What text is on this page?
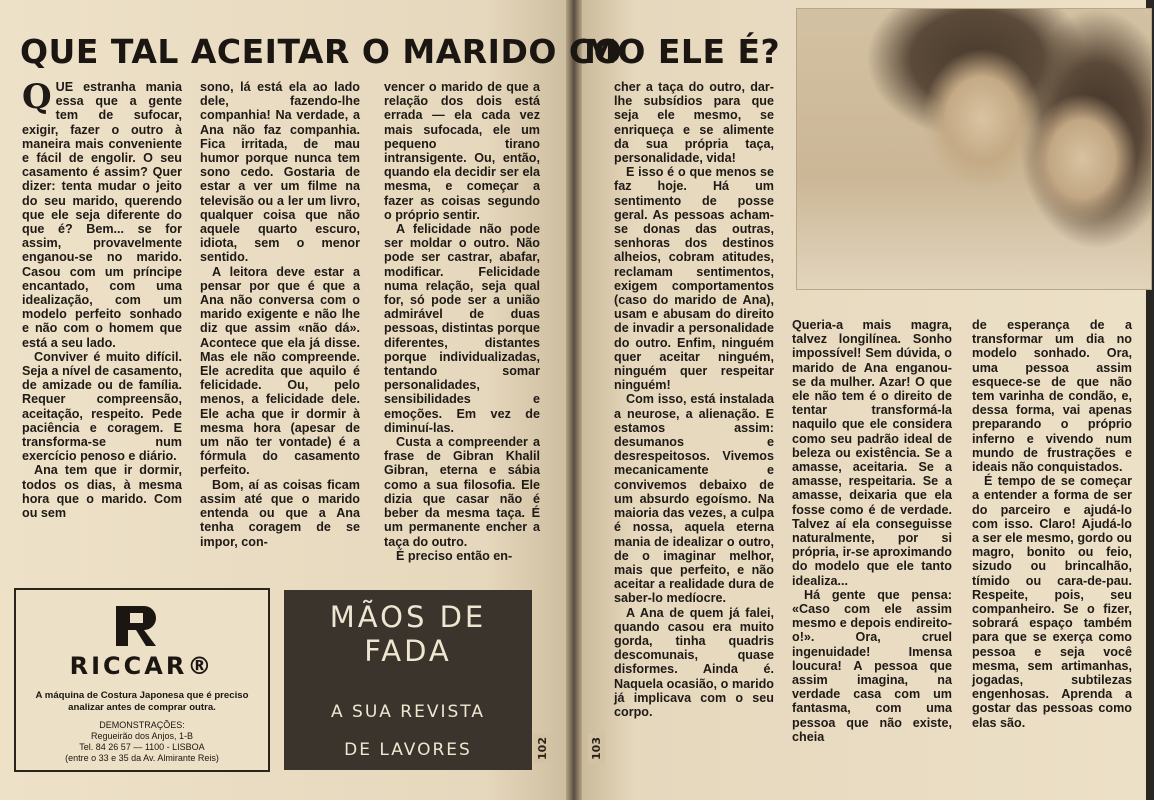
QUE TAL ACEITAR O MARIDO CO
MO ELE É?
Q UE estranha mania essa que a gente tem de sufocar, exigir, fazer o outro à maneira mais conveniente e fácil de engolir. O seu casamento é assim? Quer dizer: tenta mudar o jeito do seu marido, querendo que ele seja diferente do que é? Bem... se for assim, provavelmente enganou-se no marido. Casou com um príncipe encantado, com uma idealização, com um modelo perfeito sonhado e não com o homem que está a seu lado.

Conviver é muito difícil. Seja a nível de casamento, de amizade ou de família. Requer compreensão, aceitação, respeito. Pede paciência e coragem. E transforma-se num exercício penoso e diário.

Ana tem que ir dormir, todos os dias, à mesma hora que o marido. Com ou sem

sono, lá está ela ao lado dele, fazendo-lhe companhia! Na verdade, a Ana não faz companhia. Fica irritada, de mau humor porque nunca tem sono cedo. Gostaria de estar a ver um filme na televisão ou a ler um livro, qualquer coisa que não aquele quarto escuro, idiota, sem o menor sentido.

A leitora deve estar a pensar por que é que a Ana não conversa com o marido exigente e não lhe diz que assim «não dá». Acontece que ela já disse. Mas ele não compreende. Ele acredita que aquilo é felicidade. Ou, pelo menos, a felicidade dele. Ele acha que ir dormir à mesma hora (apesar de um não ter vontade) é a fórmula do casamento perfeito.

Bom, aí as coisas ficam assim até que o marido entenda ou que a Ana tenha coragem de se impor, con-

vencer o marido de que a relação dos dois está errada — ela cada vez mais sufocada, ele um pequeno tirano intransigente. Ou, então, quando ela decidir ser ela mesma, e começar a fazer as coisas segundo o próprio sentir.

A felicidade não pode ser moldar o outro. Não pode ser castrar, abafar, modificar. Felicidade numa relação, seja qual for, só pode ser a união admirável de duas pessoas, distintas porque diferentes, distantes porque individualizadas, tentando somar personalidades, sensibilidades e emoções. Em vez de diminuí-las.

Custa a compreender a frase de Gibran Khalil Gibran, eterna e sábia como a sua filosofia. Ele dizia que casar não é beber da mesma taça. É um permanente encher a taça do outro.

É preciso então en-

cher a taça do outro, dar-lhe subsídios para que seja ele mesmo, se enriqueça e se alimente da sua própria taça, personalidade, vida!

E isso é o que menos se faz hoje. Há um sentimento de posse geral. As pessoas acham-se donas das outras, senhoras dos destinos alheios, cobram atitudes, reclamam sentimentos, exigem comportamentos (caso do marido de Ana), usam e abusam do direito de invadir a personalidade do outro. Enfim, ninguém quer aceitar ninguém, ninguém quer respeitar ninguém!

Com isso, está instalada a neurose, a alienação. E estamos assim: desumanos e desrespeitosos. Vivemos mecanicamente e convivemos debaixo de um absurdo egoísmo. Na maioria das vezes, a culpa é nossa, aquela eterna mania de idealizar o outro, de o imaginar melhor, mais que perfeito, e não aceitar a realidade dura de saber-lo medíocre.

A Ana de quem já falei, quando casou era muito gorda, tinha quadris descomunais, quase disformes. Ainda é. Naquela ocasião, o marido já implicava com o seu corpo.

Queria-a mais magra, talvez longilínea. Sonho impossível! Sem dúvida, o marido de Ana enganou-se da mulher. Azar! O que ele não tem é o direito de tentar transformá-la naquilo que ele considera como seu padrão ideal de beleza ou existência. Se a amasse, aceitaria. Se a amasse, respeitaria. Se a amasse, deixaria que ela fosse como é de verdade. Talvez aí ela conseguisse naturalmente, por si própria, ir-se aproximando do modelo que ele tanto idealiza...

Há gente que pensa: «Caso com ele assim mesmo e depois endireito-o!». Ora, cruel ingenuidade! Imensa loucura! A pessoa que assim imagina, na verdade casa com um fantasma, com uma pessoa que não existe, cheia

de esperança de a transformar um dia no modelo sonhado. Ora, uma pessoa assim esquece-se de que não tem varinha de condão, e, dessa forma, vai apenas preparando o próprio inferno e vivendo num mundo de frustrações e ideais não conquistados.

É tempo de se começar a entender a forma de ser do parceiro e ajudá-lo com isso. Claro! Ajudá-lo a ser ele mesmo, gordo ou magro, bonito ou feio, sizudo ou brincalhão, tímido ou cara-de-pau. Respeite, pois, seu companheiro. Se o fizer, sobrará espaço também para que se exerça como pessoa e seja você mesma, sem artimanhas, jogadas, subtilezas engenhosas. Aprenda a gostar das pessoas como elas são.

RICCAR®
A máquina de Costura Japonesa que é preciso analizar antes de comprar outra.
DEMONSTRAÇÕES:
Regueirão dos Anjos, 1-B
Tel. 84 26 57 — 1100 - LISBOA
(entre o 33 e 35 da Av. Almirante Reis)
MÃOS DE
FADA
A SUA REVISTA
DE LAVORES	102	103
